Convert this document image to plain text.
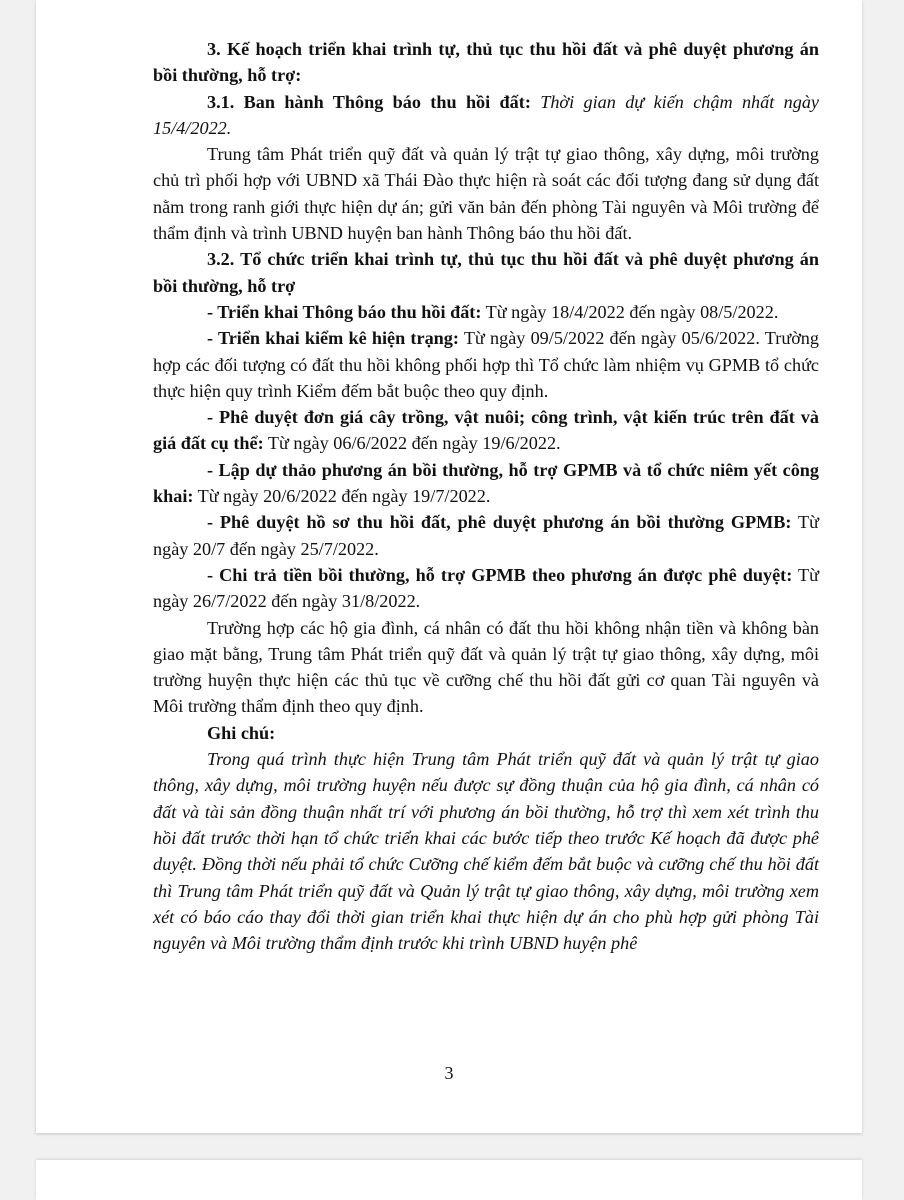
3. Kế hoạch triển khai trình tự, thủ tục thu hồi đất và phê duyệt phương án bồi thường, hỗ trợ:

3.1. Ban hành Thông báo thu hồi đất: Thời gian dự kiến chậm nhất ngày 15/4/2022.

Trung tâm Phát triển quỹ đất và quản lý trật tự giao thông, xây dựng, môi trường chủ trì phối hợp với UBND xã Thái Đào thực hiện rà soát các đối tượng đang sử dụng đất nằm trong ranh giới thực hiện dự án; gửi văn bản đến phòng Tài nguyên và Môi trường để thẩm định và trình UBND huyện ban hành Thông báo thu hồi đất.

3.2. Tổ chức triển khai trình tự, thủ tục thu hồi đất và phê duyệt phương án bồi thường, hỗ trợ

- Triển khai Thông báo thu hồi đất: Từ ngày 18/4/2022 đến ngày 08/5/2022.

- Triển khai kiểm kê hiện trạng: Từ ngày 09/5/2022 đến ngày 05/6/2022. Trường hợp các đối tượng có đất thu hồi không phối hợp thì Tổ chức làm nhiệm vụ GPMB tổ chức thực hiện quy trình Kiểm đếm bắt buộc theo quy định.

- Phê duyệt đơn giá cây trồng, vật nuôi; công trình, vật kiến trúc trên đất và giá đất cụ thể: Từ ngày 06/6/2022 đến ngày 19/6/2022.

- Lập dự thảo phương án bồi thường, hỗ trợ GPMB và tổ chức niêm yết công khai: Từ ngày 20/6/2022 đến ngày 19/7/2022.

- Phê duyệt hồ sơ thu hồi đất, phê duyệt phương án bồi thường GPMB: Từ ngày 20/7 đến ngày 25/7/2022.

- Chi trả tiền bồi thường, hỗ trợ GPMB theo phương án được phê duyệt: Từ ngày 26/7/2022 đến ngày 31/8/2022.

Trường hợp các hộ gia đình, cá nhân có đất thu hồi không nhận tiền và không bàn giao mặt bằng, Trung tâm Phát triển quỹ đất và quản lý trật tự giao thông, xây dựng, môi trường huyện thực hiện các thủ tục về cưỡng chế thu hồi đất gửi cơ quan Tài nguyên và Môi trường thẩm định theo quy định.

Ghi chú:

Trong quá trình thực hiện Trung tâm Phát triển quỹ đất và quản lý trật tự giao thông, xây dựng, môi trường huyện nếu được sự đồng thuận của hộ gia đình, cá nhân có đất và tài sản đồng thuận nhất trí với phương án bồi thường, hỗ trợ thì xem xét trình thu hồi đất trước thời hạn tổ chức triển khai các bước tiếp theo trước Kế hoạch đã được phê duyệt. Đồng thời nếu phải tổ chức Cưỡng chế kiểm đếm bắt buộc và cưỡng chế thu hồi đất thì Trung tâm Phát triển quỹ đất và Quản lý trật tự giao thông, xây dựng, môi trường xem xét có báo cáo thay đổi thời gian triển khai thực hiện dự án cho phù hợp gửi phòng Tài nguyên và Môi trường thẩm định trước khi trình UBND huyện phê

3
